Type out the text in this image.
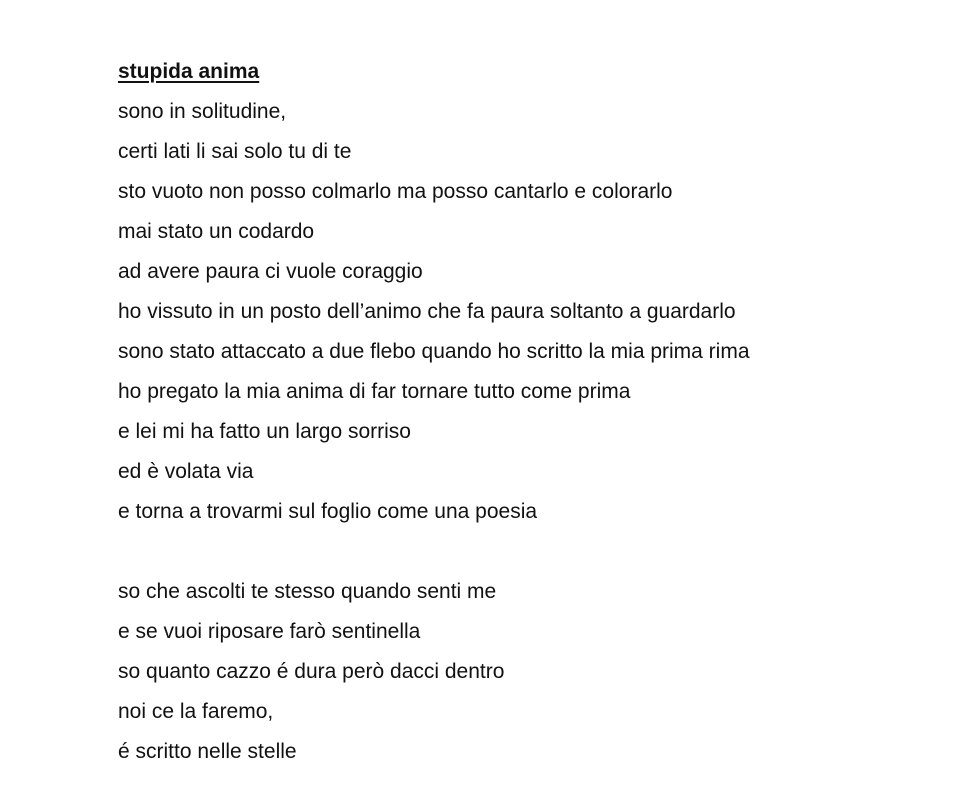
stupida anima
sono in solitudine,
certi lati li sai solo tu di te
sto vuoto non posso colmarlo ma posso cantarlo e colorarlo
mai stato un codardo
ad avere paura ci vuole coraggio
ho vissuto in un posto dell’animo che fa paura soltanto a guardarlo
sono stato attaccato a due flebo quando ho scritto la mia prima rima
ho pregato la mia anima di far tornare tutto come prima
e lei mi ha fatto un largo sorriso
ed è volata via
e torna a trovarmi sul foglio come una poesia
so che ascolti te stesso quando senti me
e se vuoi riposare farò sentinella
so quanto cazzo é dura però dacci dentro
noi ce la faremo,
é scritto nelle stelle
